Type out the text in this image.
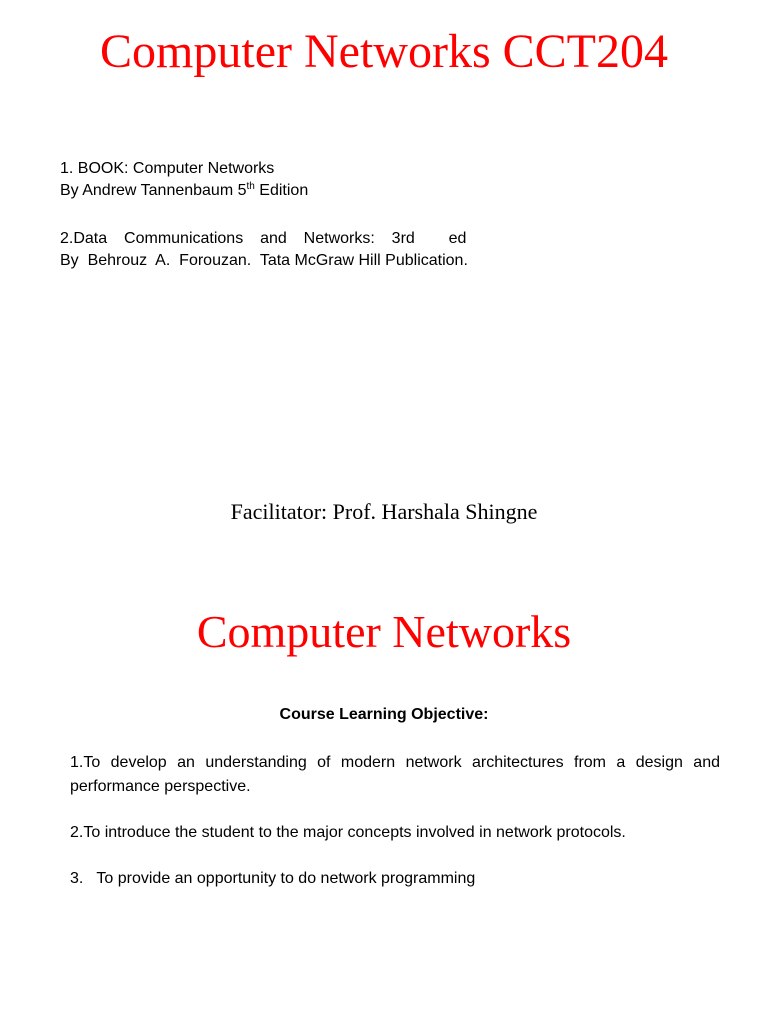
Computer Networks CCT204

1. BOOK: Computer Networks

By Andrew Tannenbaum 5th Edition

2.Data  Communications  and  Networks:  3rd    ed

By  Behrouz  A.  Forouzan.  Tata McGraw Hill Publication.

Facilitator: Prof. Harshala Shingne
Computer Networks
Course Learning Objective:

1.To develop an understanding of modern network architectures from a design and performance perspective.

2.To introduce the student to the major concepts involved in network protocols.

3.   To provide an opportunity to do network programming
